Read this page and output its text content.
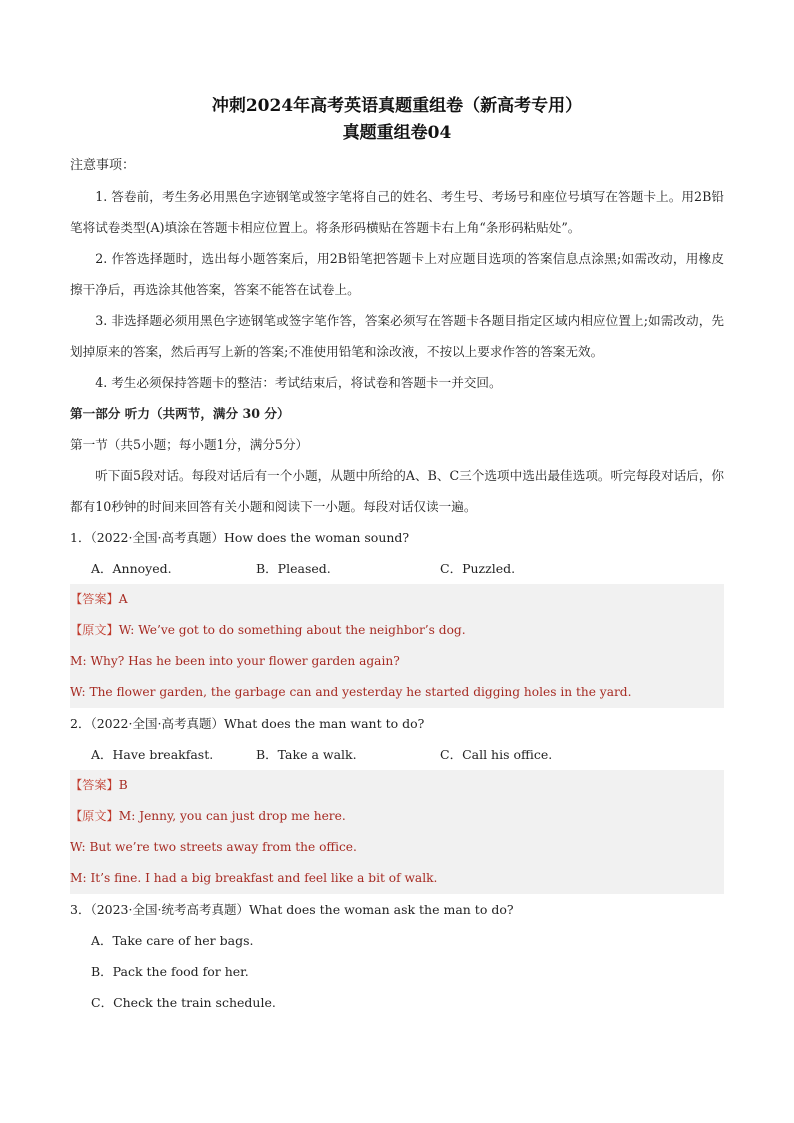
冲刺2024年高考英语真题重组卷（新高考专用）
真题重组卷04
注意事项：
1. 答卷前，考生务必用黑色字迹钢笔或签字笔将自己的姓名、考生号、考场号和座位号填写在答题卡上。用2B铅笔将试卷类型(A)填涂在答题卡相应位置上。将条形码横贴在答题卡右上角“条形码粘贴处”。
2. 作答选择题时，选出每小题答案后，用2B铅笔把答题卡上对应题目选项的答案信息点涂黑;如需改动，用橡皮擦干净后，再选涂其他答案，答案不能答在试卷上。
3. 非选择题必须用黑色字迹钢笔或签字笔作答，答案必须写在答题卡各题目指定区域内相应位置上;如需改动，先划掉原来的答案，然后再写上新的答案;不准使用铅笔和涂改液，不按以上要求作答的答案无效。
4. 考生必须保持答题卡的整洁：考试结束后，将试卷和答题卡一并交回。
第一部分 听力（共两节，满分 30 分）
第一节（共5小题；每小题1分，满分5分）
听下面5段对话。每段对话后有一个小题，从题中所给的A、B、C三个选项中选出最佳选项。听完每段对话后，你都有10秒钟的时间来回答有关小题和阅读下一小题。每段对话仅读一遍。
1．（2022·全国·高考真题）How does the woman sound?
A．Annoyed.	B．Pleased.	C．Puzzled.
【答案】A
【原文】W: We’ve got to do something about the neighbor’s dog.
M: Why? Has he been into your flower garden again?
W: The flower garden, the garbage can and yesterday he started digging holes in the yard.
2．（2022·全国·高考真题）What does the man want to do?
A．Have breakfast.	B．Take a walk.	C．Call his office.
【答案】B
【原文】M: Jenny, you can just drop me here.
W: But we’re two streets away from the office.
M: It’s fine. I had a big breakfast and feel like a bit of walk.
3．（2023·全国·统考高考真题）What does the woman ask the man to do?
A．Take care of her bags.
B．Pack the food for her.
C．Check the train schedule.
